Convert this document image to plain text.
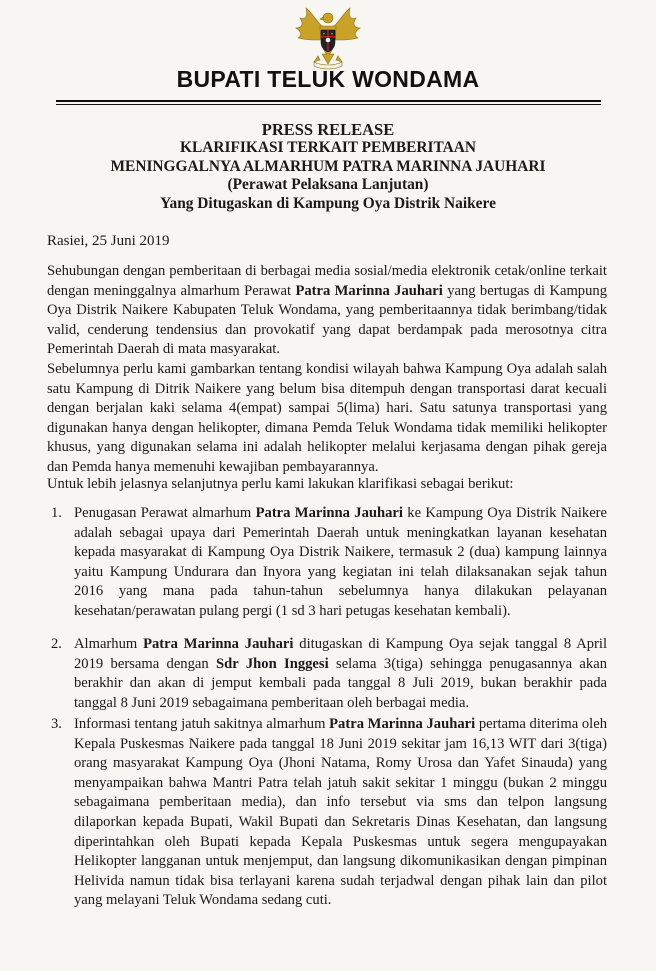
BUPATI TELUK WONDAMA
PRESS RELEASE
KLARIFIKASI TERKAIT PEMBERITAAN
MENINGGALNYA ALMARHUM PATRA MARINNA JAUHARI
(Perawat Pelaksana Lanjutan)
Yang Ditugaskan di Kampung Oya Distrik Naikere
Rasiei, 25 Juni 2019

Sehubungan dengan pemberitaan di berbagai media sosial/media elektronik cetak/online terkait dengan meninggalnya almarhum Perawat Patra Marinna Jauhari yang bertugas di Kampung Oya Distrik Naikere Kabupaten Teluk Wondama, yang pemberitaannya tidak berimbang/tidak valid, cenderung tendensius dan provokatif yang dapat berdampak pada merosotnya citra Pemerintah Daerah di mata masyarakat.

Sebelumnya perlu kami gambarkan tentang kondisi wilayah bahwa Kampung Oya adalah salah satu Kampung di Ditrik Naikere yang belum bisa ditempuh dengan transportasi darat kecuali dengan berjalan kaki selama 4(empat) sampai 5(lima) hari. Satu satunya transportasi yang digunakan hanya dengan helikopter, dimana Pemda Teluk Wondama tidak memiliki helikopter khusus, yang digunakan selama ini adalah helikopter melalui kerjasama dengan pihak gereja dan Pemda hanya memenuhi kewajiban pembayarannya.

Untuk lebih jelasnya selanjutnya perlu kami lakukan klarifikasi sebagai berikut:

1. Penugasan Perawat almarhum Patra Marinna Jauhari ke Kampung Oya Distrik Naikere adalah sebagai upaya dari Pemerintah Daerah untuk meningkatkan layanan kesehatan kepada masyarakat di Kampung Oya Distrik Naikere, termasuk 2 (dua) kampung lainnya yaitu Kampung Undurara dan Inyora yang kegiatan ini telah dilaksanakan sejak tahun 2016 yang mana pada tahun-tahun sebelumnya hanya dilakukan pelayanan kesehatan/perawatan pulang pergi (1 sd 3 hari petugas kesehatan kembali).
2. Almarhum Patra Marinna Jauhari ditugaskan di Kampung Oya sejak tanggal 8 April 2019 bersama dengan Sdr Jhon Inggesi selama 3(tiga) sehingga penugasannya akan berakhir dan akan di jemput kembali pada tanggal 8 Juli 2019, bukan berakhir pada tanggal 8 Juni 2019 sebagaimana pemberitaan oleh berbagai media.
3. Informasi tentang jatuh sakitnya almarhum Patra Marinna Jauhari pertama diterima oleh Kepala Puskesmas Naikere pada tanggal 18 Juni 2019 sekitar jam 16,13 WIT dari 3(tiga) orang masyarakat Kampung Oya (Jhoni Natama, Romy Urosa dan Yafet Sinauda) yang menyampaikan bahwa Mantri Patra telah jatuh sakit sekitar 1 minggu (bukan 2 minggu sebagaimana pemberitaan media), dan info tersebut via sms dan telpon langsung dilaporkan kepada Bupati, Wakil Bupati dan Sekretaris Dinas Kesehatan, dan langsung diperintahkan oleh Bupati kepada Kepala Puskesmas untuk segera mengupayakan Helikopter langganan untuk menjemput, dan langsung dikomunikasikan dengan pimpinan Helivida namun tidak bisa terlayani karena sudah terjadwal dengan pihak lain dan pilot yang melayani Teluk Wondama sedang cuti.
